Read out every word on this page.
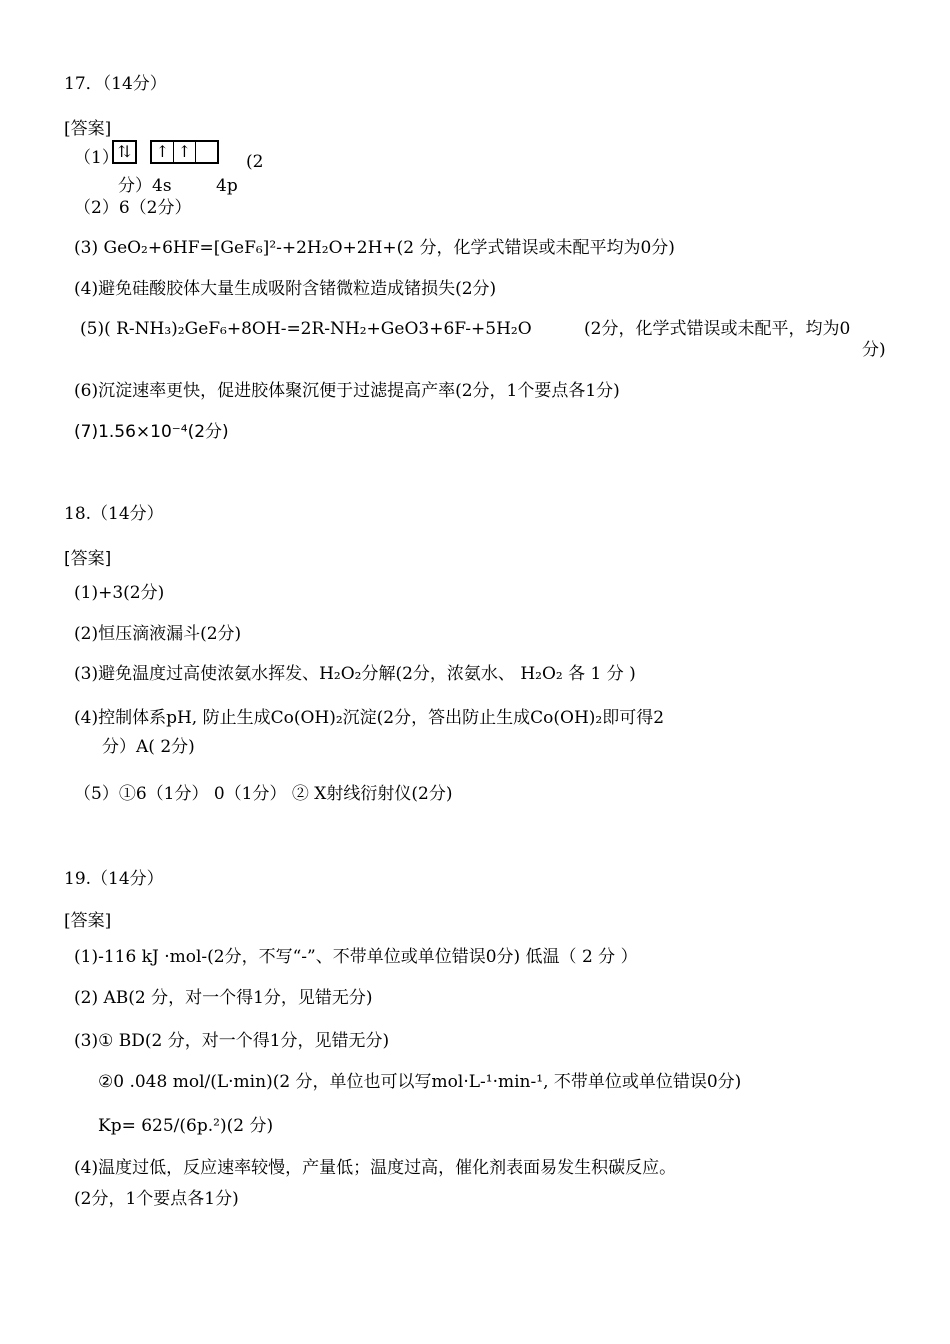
17．（14分）
[答案]
（1）
⇅ ↑ ↑
(2
分）4s	4p
（2）6（2分）
(3) GeO₂+6HF=[GeF₆]²-+2H₂O+2H+(2 分，化学式错误或未配平均为0分)
(4)避免硅酸胶体大量生成吸附含锗微粒造成锗损失(2分)
(5)( R-NH₃)₂GeF₆+8OH-=2R-NH₂+GeO3+6F-+5H₂O	(2分，化学式错误或未配平，均为0
分)
(6)沉淀速率更快，促进胶体聚沉便于过滤提高产率(2分，1个要点各1分)
(7)1.56×10⁻⁴(2分)
18.（14分）
[答案]
(1)+3(2分)
(2)恒压滴液漏斗(2分)
(3)避免温度过高使浓氨水挥发、H₂O₂分解(2分，浓氨水、 H₂O₂ 各 1 分 )
(4)控制体系pH, 防止生成Co(OH)₂沉淀(2分，答出防止生成Co(OH)₂即可得2
分）A( 2分)
（5）①6（1分） 0（1分） ② X射线衍射仪(2分)
19.（14分）
[答案]
(1)-116 kJ ·mol-(2分，不写“-”、不带单位或单位错误0分) 低温（ 2 分 ）
(2) AB(2 分，对一个得1分，见错无分)
(3)① BD(2 分，对一个得1分，见错无分)
②0 .048 mol/(L·min)(2 分，单位也可以写mol·L-¹·min-¹, 不带单位或单位错误0分)
Kp= 625/(6p.²)(2 分)
(4)温度过低，反应速率较慢，产量低；温度过高，催化剂表面易发生积碳反应。
(2分，1个要点各1分)
